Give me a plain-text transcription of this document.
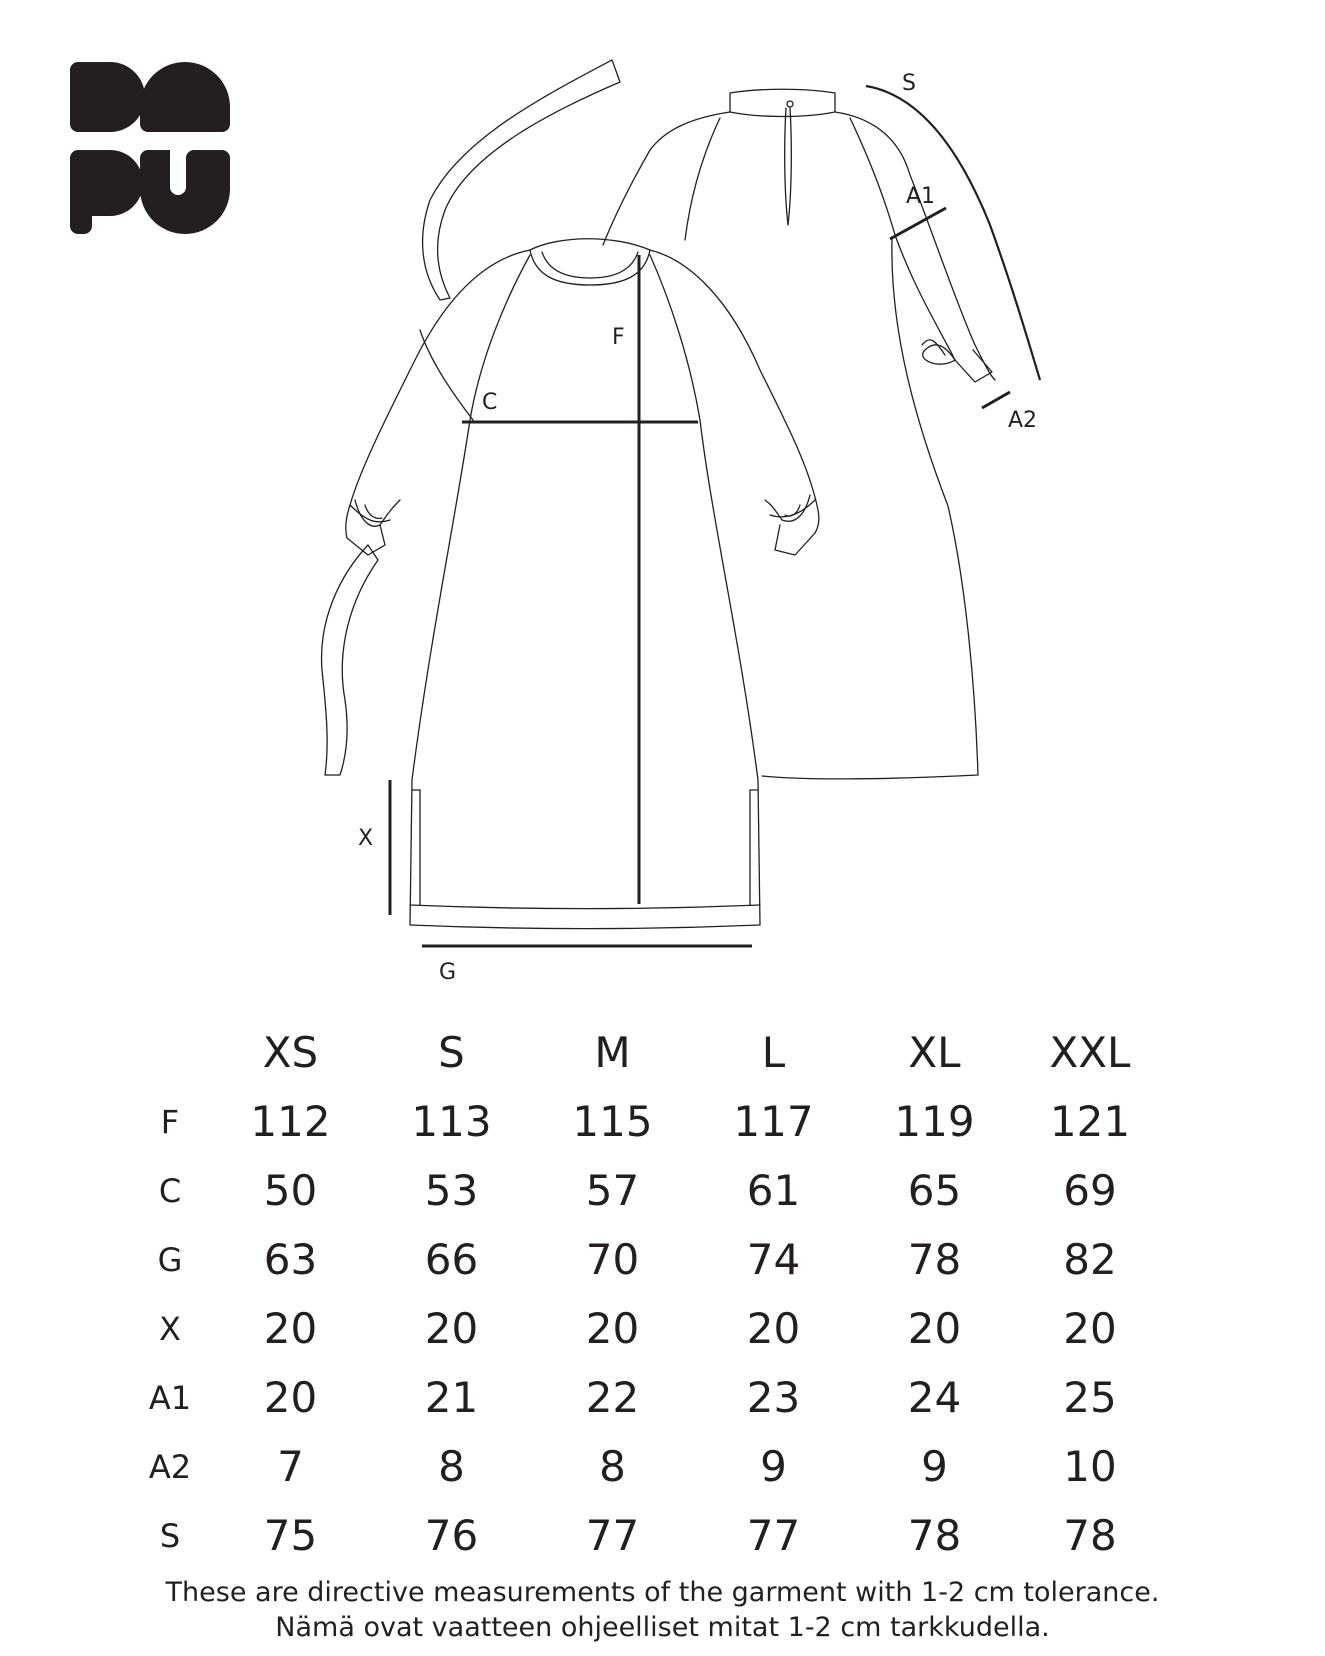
S
A1
A2
F
C
X
G
	XS	S	M	L	XL	XXL
F	112	113	115	117	119	121
C	50	53	57	61	65	69
G	63	66	70	74	78	82
X	20	20	20	20	20	20
A1	20	21	22	23	24	25
A2	7	8	8	9	9	10
S	75	76	77	77	78	78
These are directive measurements of the garment with 1-2 cm tolerance.
Nämä ovat vaatteen ohjeelliset mitat 1-2 cm tarkkudella.
